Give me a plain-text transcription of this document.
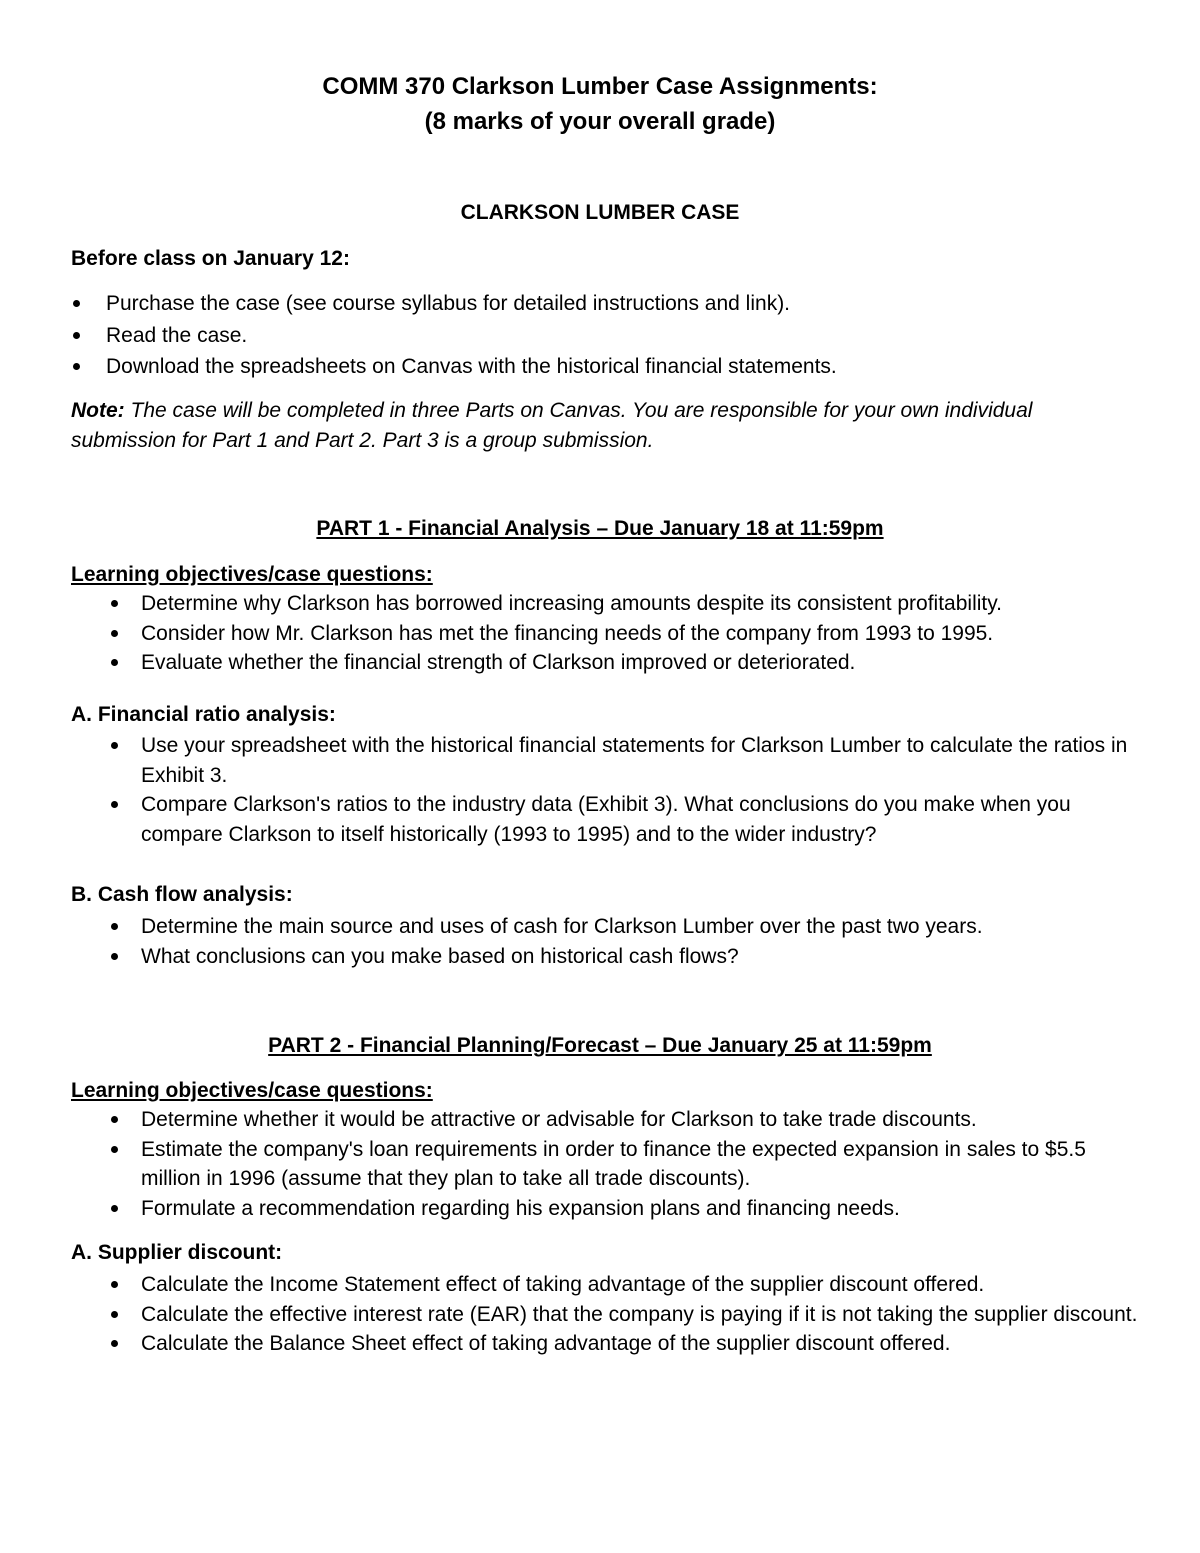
COMM 370 Clarkson Lumber Case Assignments:
(8 marks of your overall grade)
CLARKSON LUMBER CASE
Before class on January 12:
Purchase the case (see course syllabus for detailed instructions and link).
Read the case.
Download the spreadsheets on Canvas with the historical financial statements.
Note: The case will be completed in three Parts on Canvas. You are responsible for your own individual submission for Part 1 and Part 2. Part 3 is a group submission.
PART 1 - Financial Analysis – Due January 18 at 11:59pm
Learning objectives/case questions:
Determine why Clarkson has borrowed increasing amounts despite its consistent profitability.
Consider how Mr. Clarkson has met the financing needs of the company from 1993 to 1995.
Evaluate whether the financial strength of Clarkson improved or deteriorated.
A. Financial ratio analysis:
Use your spreadsheet with the historical financial statements for Clarkson Lumber to calculate the ratios in Exhibit 3.
Compare Clarkson's ratios to the industry data (Exhibit 3). What conclusions do you make when you compare Clarkson to itself historically (1993 to 1995) and to the wider industry?
B. Cash flow analysis:
Determine the main source and uses of cash for Clarkson Lumber over the past two years.
What conclusions can you make based on historical cash flows?
PART 2 - Financial Planning/Forecast – Due January 25 at 11:59pm
Learning objectives/case questions:
Determine whether it would be attractive or advisable for Clarkson to take trade discounts.
Estimate the company's loan requirements in order to finance the expected expansion in sales to $5.5 million in 1996 (assume that they plan to take all trade discounts).
Formulate a recommendation regarding his expansion plans and financing needs.
A. Supplier discount:
Calculate the Income Statement effect of taking advantage of the supplier discount offered.
Calculate the effective interest rate (EAR) that the company is paying if it is not taking the supplier discount.
Calculate the Balance Sheet effect of taking advantage of the supplier discount offered.
